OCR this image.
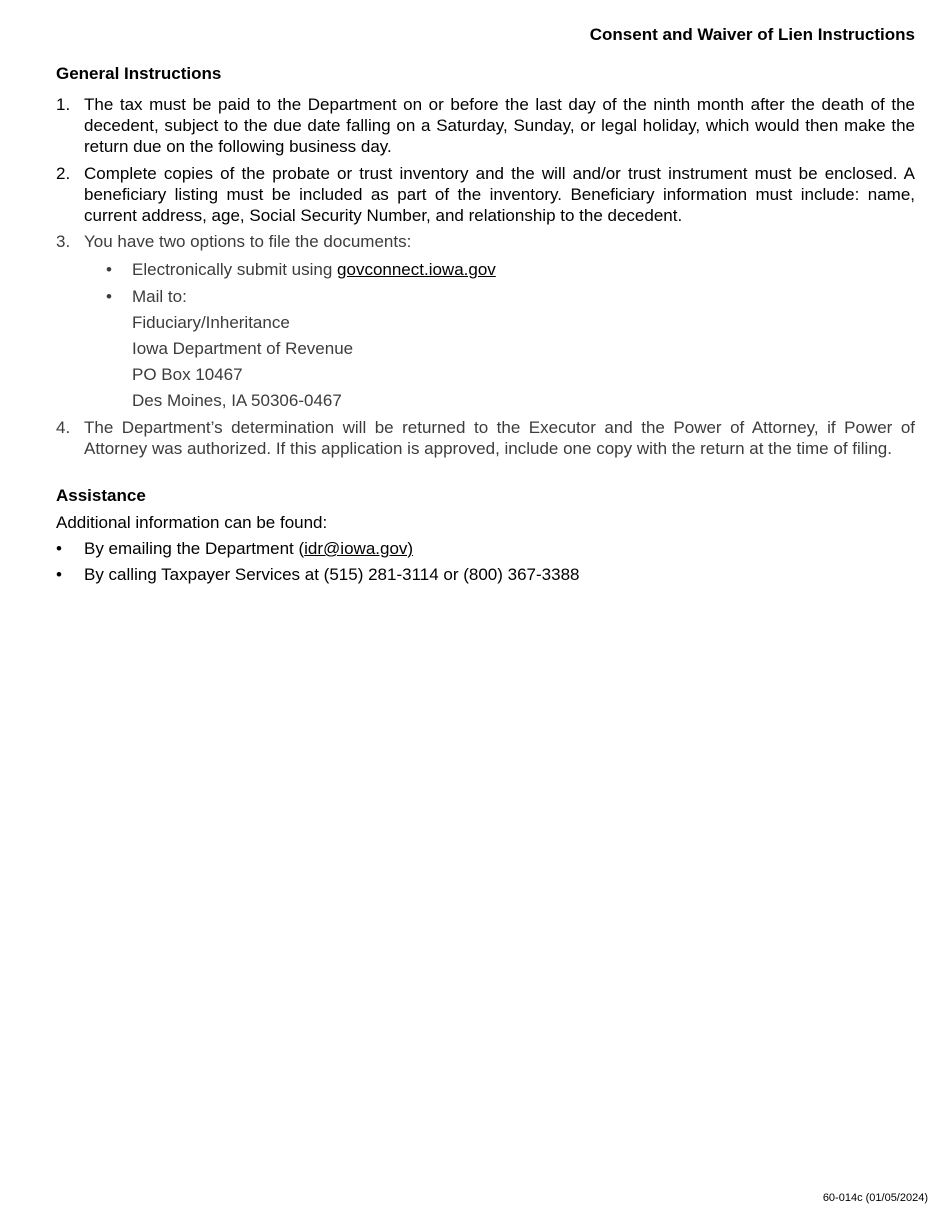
Consent and Waiver of Lien Instructions
General Instructions
1. The tax must be paid to the Department on or before the last day of the ninth month after the death of the decedent, subject to the due date falling on a Saturday, Sunday, or legal holiday, which would then make the return due on the following business day.
2. Complete copies of the probate or trust inventory and the will and/or trust instrument must be enclosed. A beneficiary listing must be included as part of the inventory. Beneficiary information must include: name, current address, age, Social Security Number, and relationship to the decedent.
3. You have two options to file the documents:
• Electronically submit using govconnect.iowa.gov
• Mail to:
Fiduciary/Inheritance
Iowa Department of Revenue
PO Box 10467
Des Moines, IA 50306-0467
4. The Department’s determination will be returned to the Executor and the Power of Attorney, if Power of Attorney was authorized. If this application is approved, include one copy with the return at the time of filing.
Assistance
Additional information can be found:
• By emailing the Department (idr@iowa.gov)
• By calling Taxpayer Services at (515) 281-3114 or (800) 367-3388
60-014c (01/05/2024)
